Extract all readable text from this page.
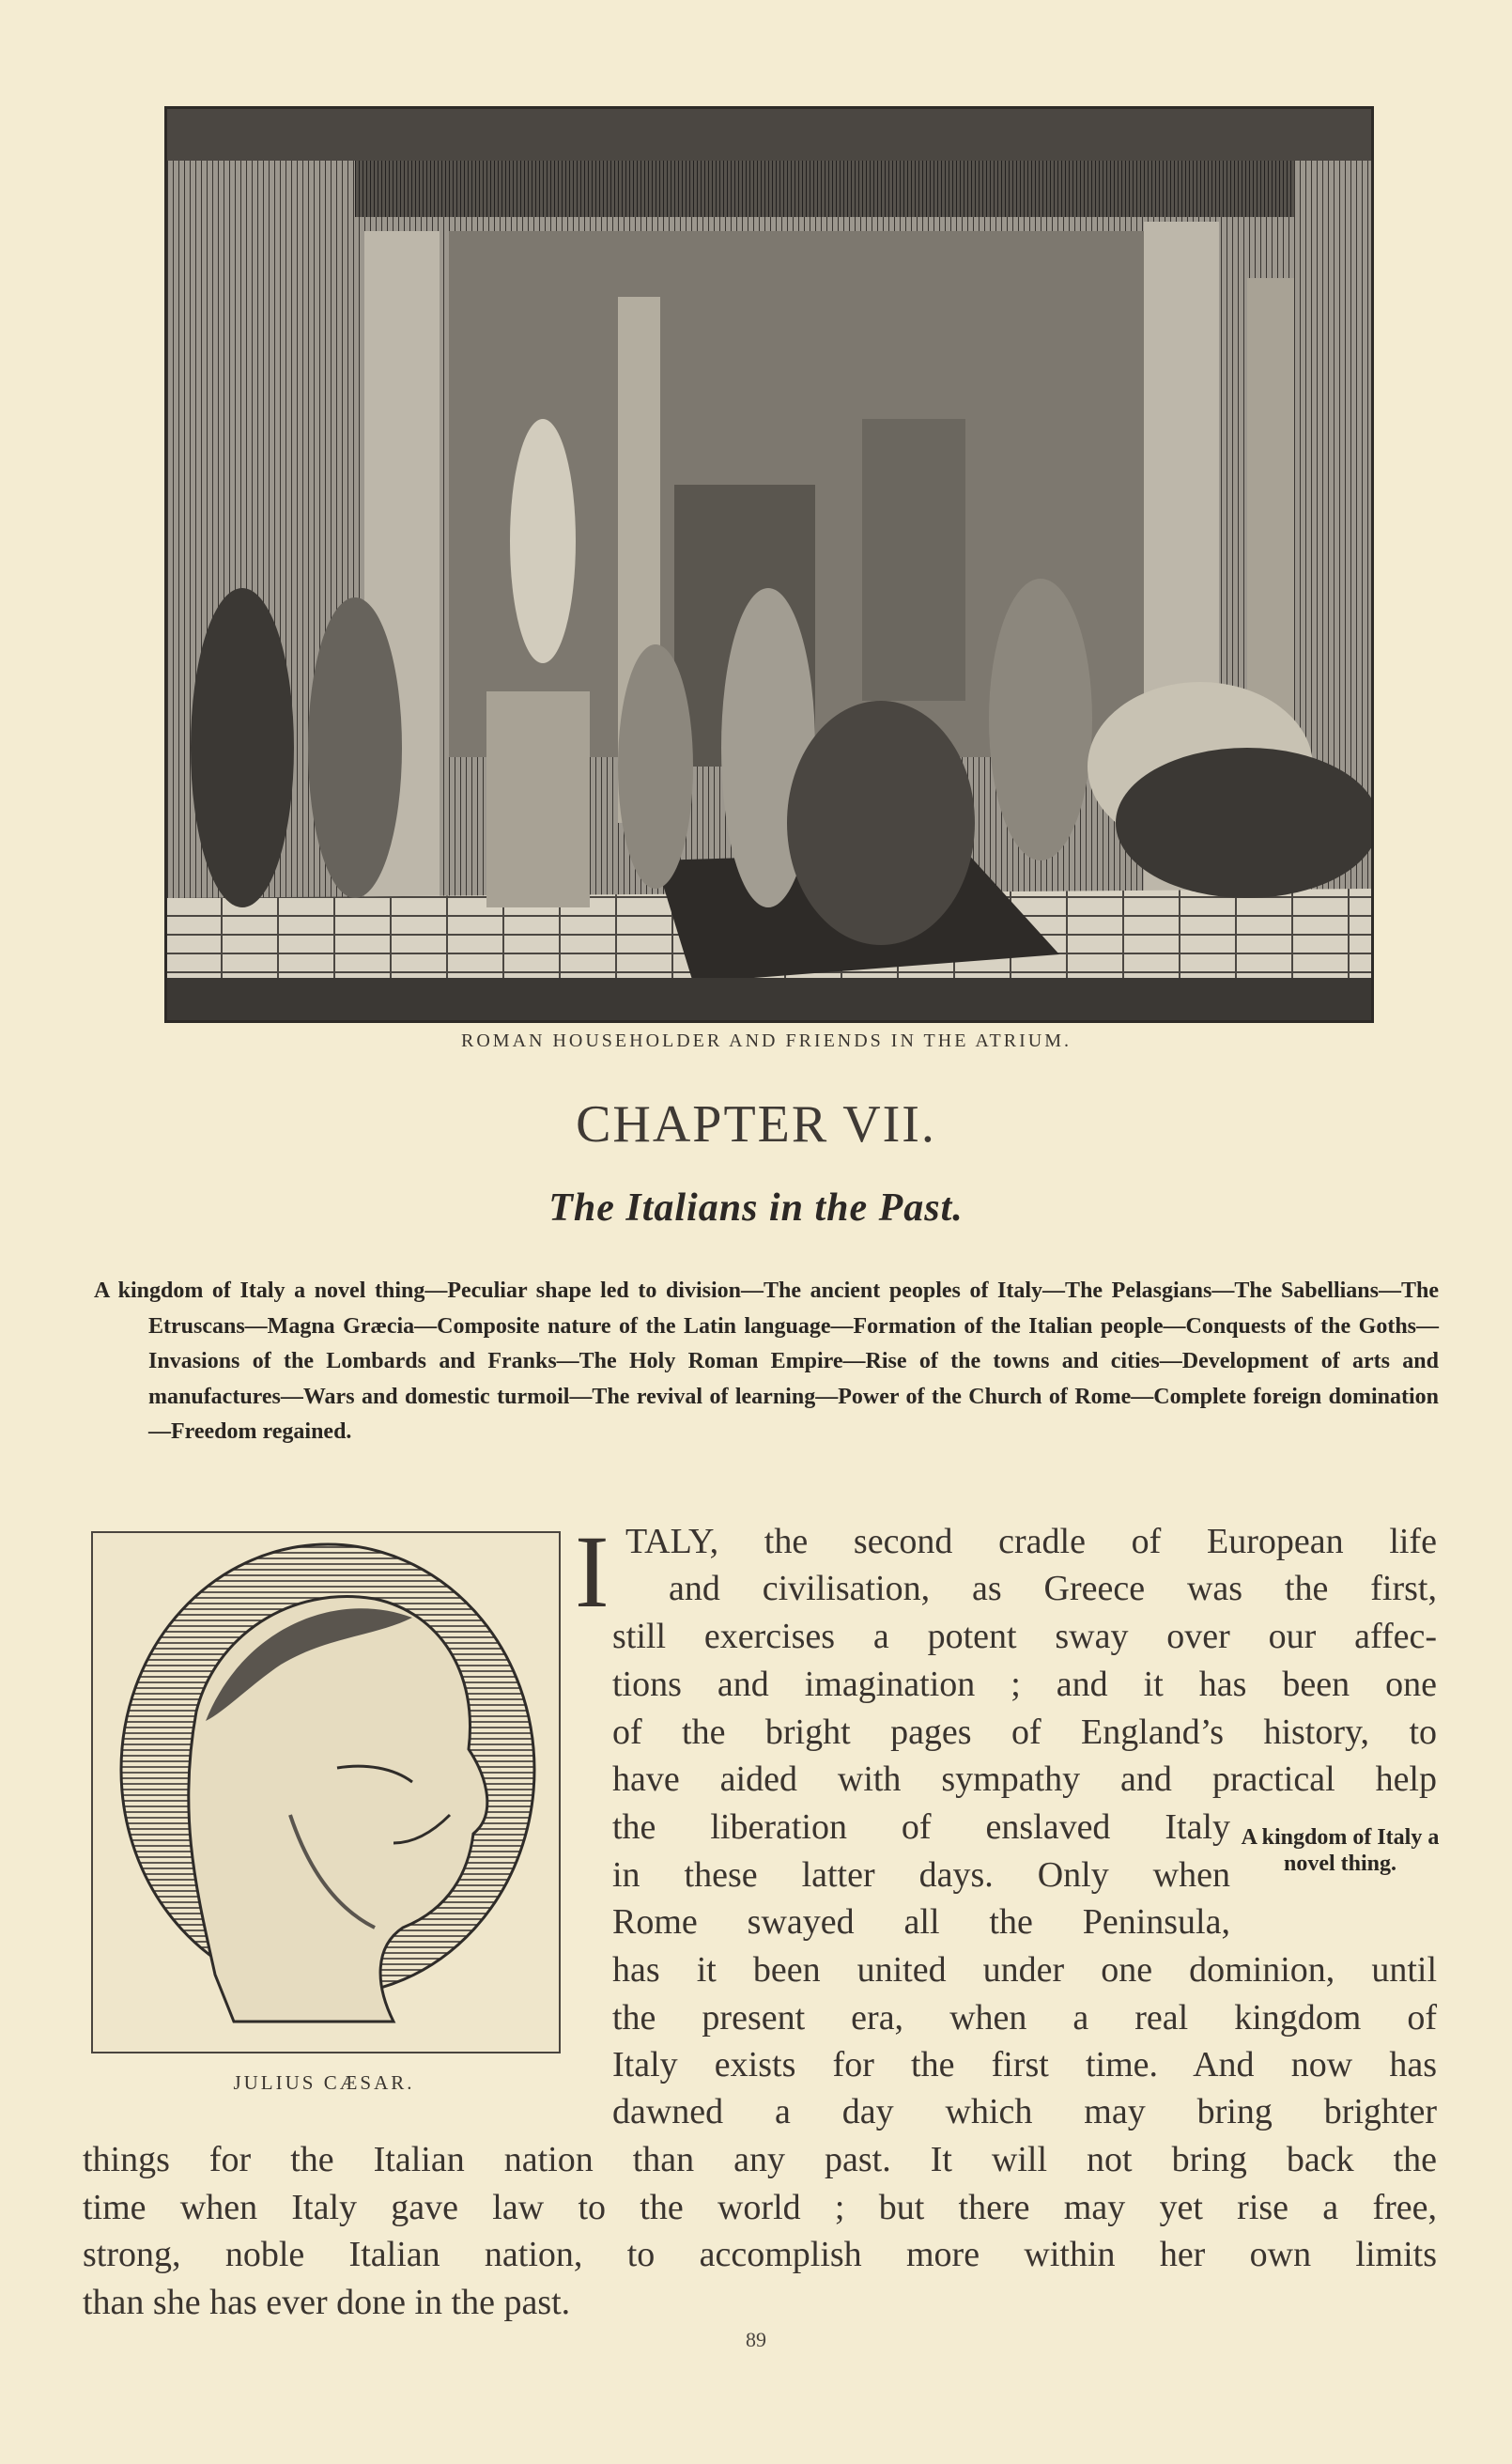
ROMAN HOUSEHOLDER AND FRIENDS IN THE ATRIUM.
CHAPTER VII.
The Italians in the Past.
A kingdom of Italy a novel thing—Peculiar shape led to division—The ancient peoples of Italy—The Pelasgians—The Sabellians—The Etruscans—Magna Græcia—Composite nature of the Latin language—Formation of the Italian people—Conquests of the Goths—Invasions of the Lombards and Franks—The Holy Roman Empire—Rise of the towns and cities—Development of arts and manufactures—Wars and domestic turmoil—The revival of learning—Power of the Church of Rome—Complete foreign domination—Freedom regained.
JULIUS CÆSAR.
I TALY, the second cradle of European life
and civilisation, as Greece was the first,
still exercises a potent sway over our affec-
tions and imagination ; and it has been one
of the bright pages of England’s history, to
have aided with sympathy and practical help
the liberation of enslaved Italy
in these latter days. Only when
Rome swayed all the Peninsula,
has it been united under one dominion, until
the present era, when a real kingdom of
Italy exists for the first time. And now has
dawned a day which may bring brighter
things for the Italian nation than any past. It will not bring back the
time when Italy gave law to the world ; but there may yet rise a free,
strong, noble Italian nation, to accomplish more within her own limits
than she has ever done in the past.
A kingdom of Italy a novel thing.
89
